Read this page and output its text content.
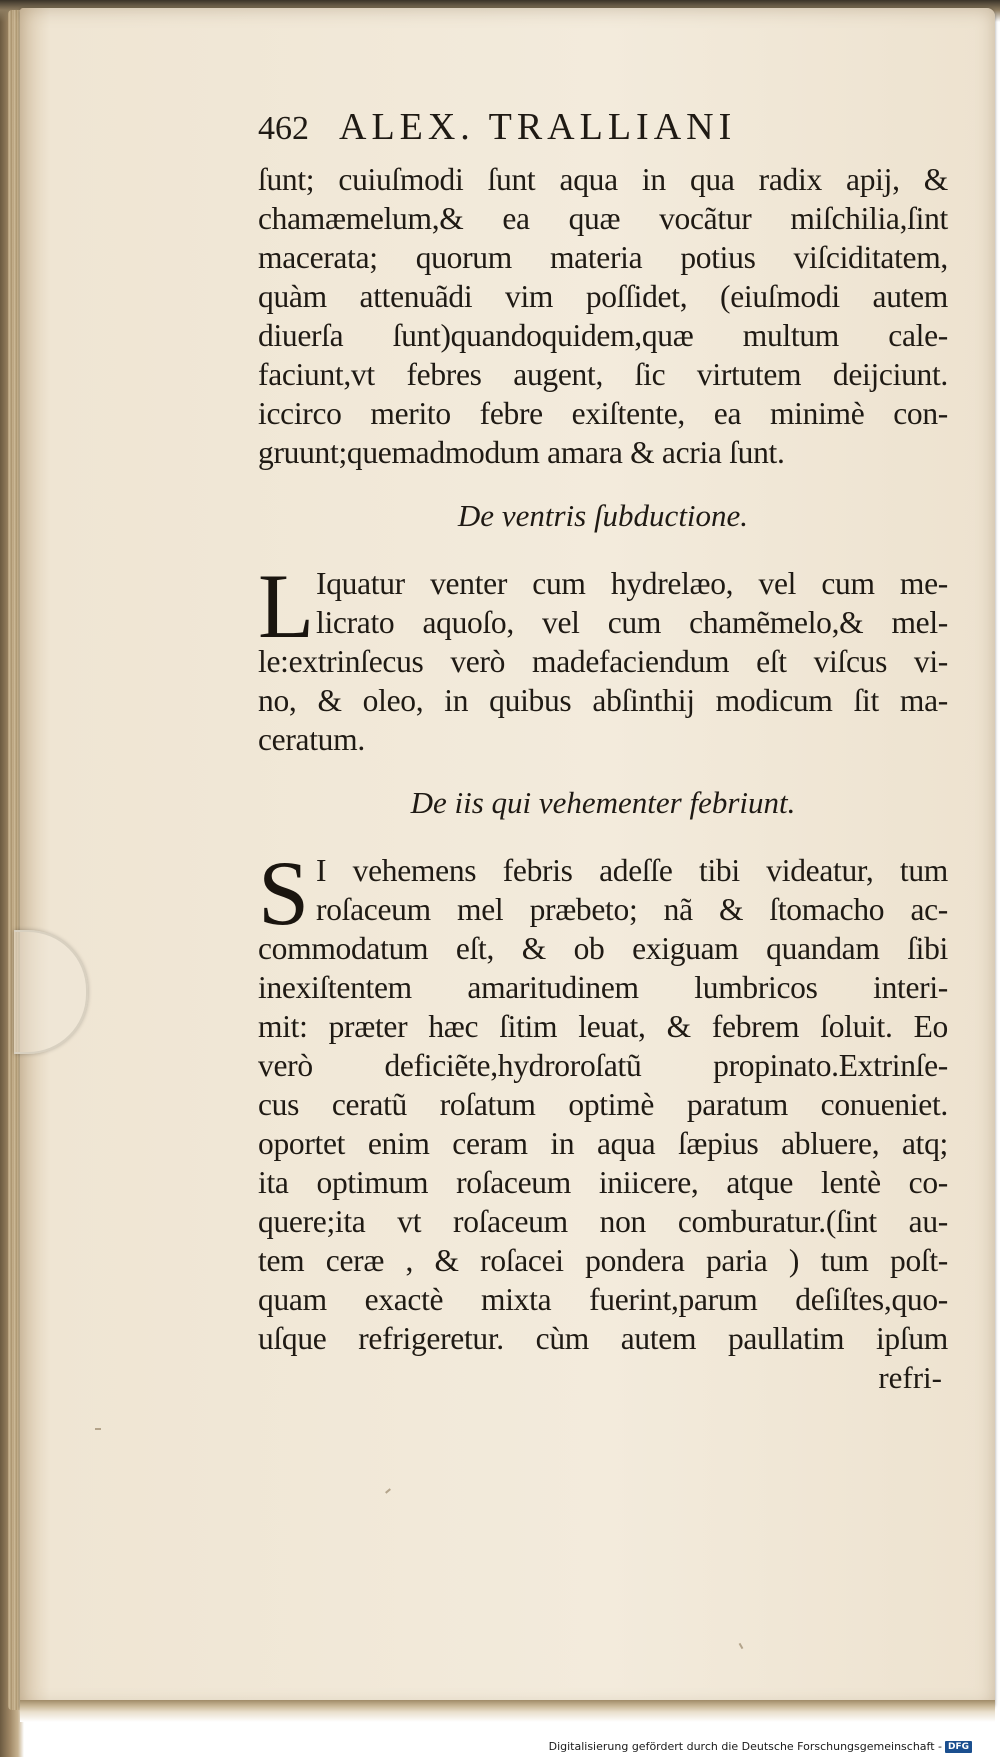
462 ALEX. TRALLIANI
ſunt; cuiuſmodi ſunt aqua in qua radix apij, &
chamæmelum,& ea quæ vocãtur miſchilia,ſint
macerata; quorum materia potius viſciditatem,
quàm attenuãdi vim poſſidet, (eiuſmodi autem
diuerſa ſunt)quandoquidem,quæ multum cale-
faciunt,vt febres augent, ſic virtutem deijciunt.
iccirco merito febre exiſtente, ea minimè con-
gruunt;quemadmodum amara & acria ſunt.
De ventris ſubductione.
L Iquatur venter cum hydrelæo, vel cum me-
licrato aquoſo, vel cum chamẽmelo,& mel-
le:extrinſecus verò madefaciendum eſt viſcus vi-
no, & oleo, in quibus abſinthij modicum ſit ma-
ceratum.
De iis qui vehementer febriunt.
S I vehemens febris adeſſe tibi videatur, tum
roſaceum mel præbeto; nã & ſtomacho ac-
commodatum eſt, & ob exiguam quandam ſibi
inexiſtentem amaritudinem lumbricos interi-
mit: præter hæc ſitim leuat, & febrem ſoluit. Eo
verò deficiẽte,hydroroſatũ propinato.Extrinſe-
cus ceratũ roſatum optimè paratum conueniet.
oportet enim ceram in aqua ſæpius abluere, atq;
ita optimum roſaceum iniicere, atque lentè co-
quere;ita vt roſaceum non comburatur.(ſint au-
tem ceræ , & roſacei pondera paria ) tum poſt-
quam exactè mixta fuerint,parum deſiſtes,quo-
uſque refrigeretur. cùm autem paullatim ipſum
refri-
Digitalisierung gefördert durch die Deutsche Forschungsgemeinschaft - DFG
